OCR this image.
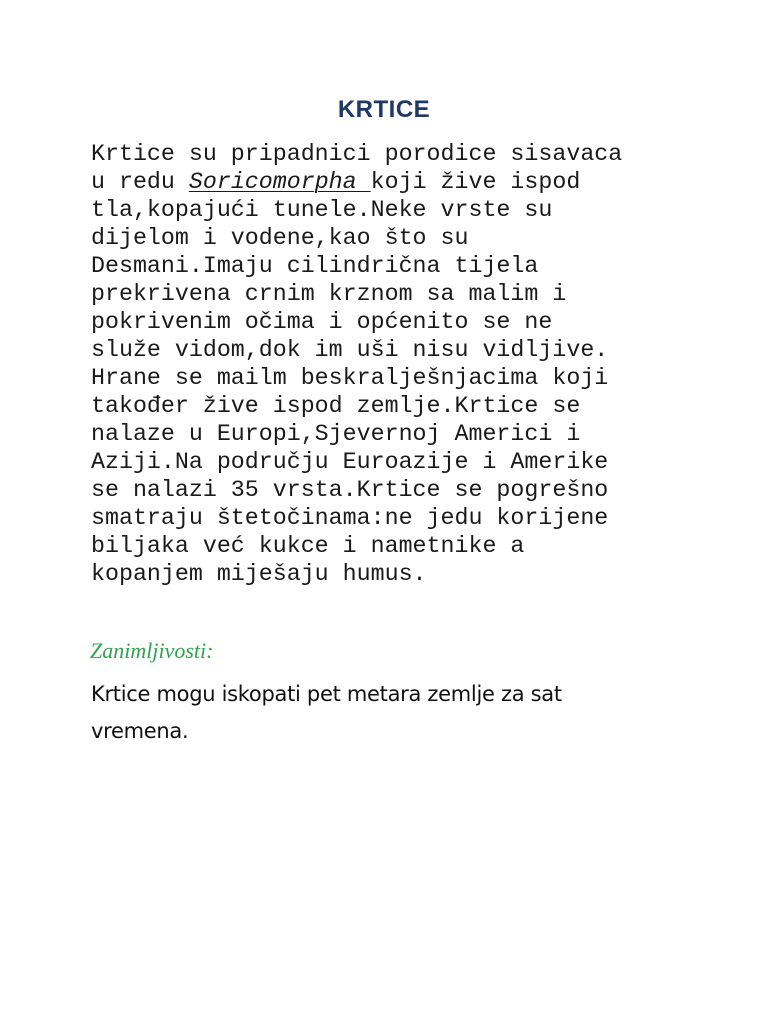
KRTICE
Krtice su pripadnici porodice sisavaca
u redu Soricomorpha koji žive ispod
tla,kopajući tunele.Neke vrste su
dijelom i vodene,kao što su
Desmani.Imaju cilindrična tijela
prekrivena crnim krznom sa malim i
pokrivenim očima i općenito se ne
služe vidom,dok im uši nisu vidljive.
Hrane se mailm beskralješnjacima koji
također žive ispod zemlje.Krtice se
nalaze u Europi,Sjevernoj Americi i
Aziji.Na području Euroazije i Amerike
se nalazi 35 vrsta.Krtice se pogrešno
smatraju štetočinama:ne jedu korijene
biljaka već kukce i nametnike a
kopanjem miješaju humus.

Zanimljivosti:

Krtice mogu iskopati pet metara zemlje za sat vremena.
